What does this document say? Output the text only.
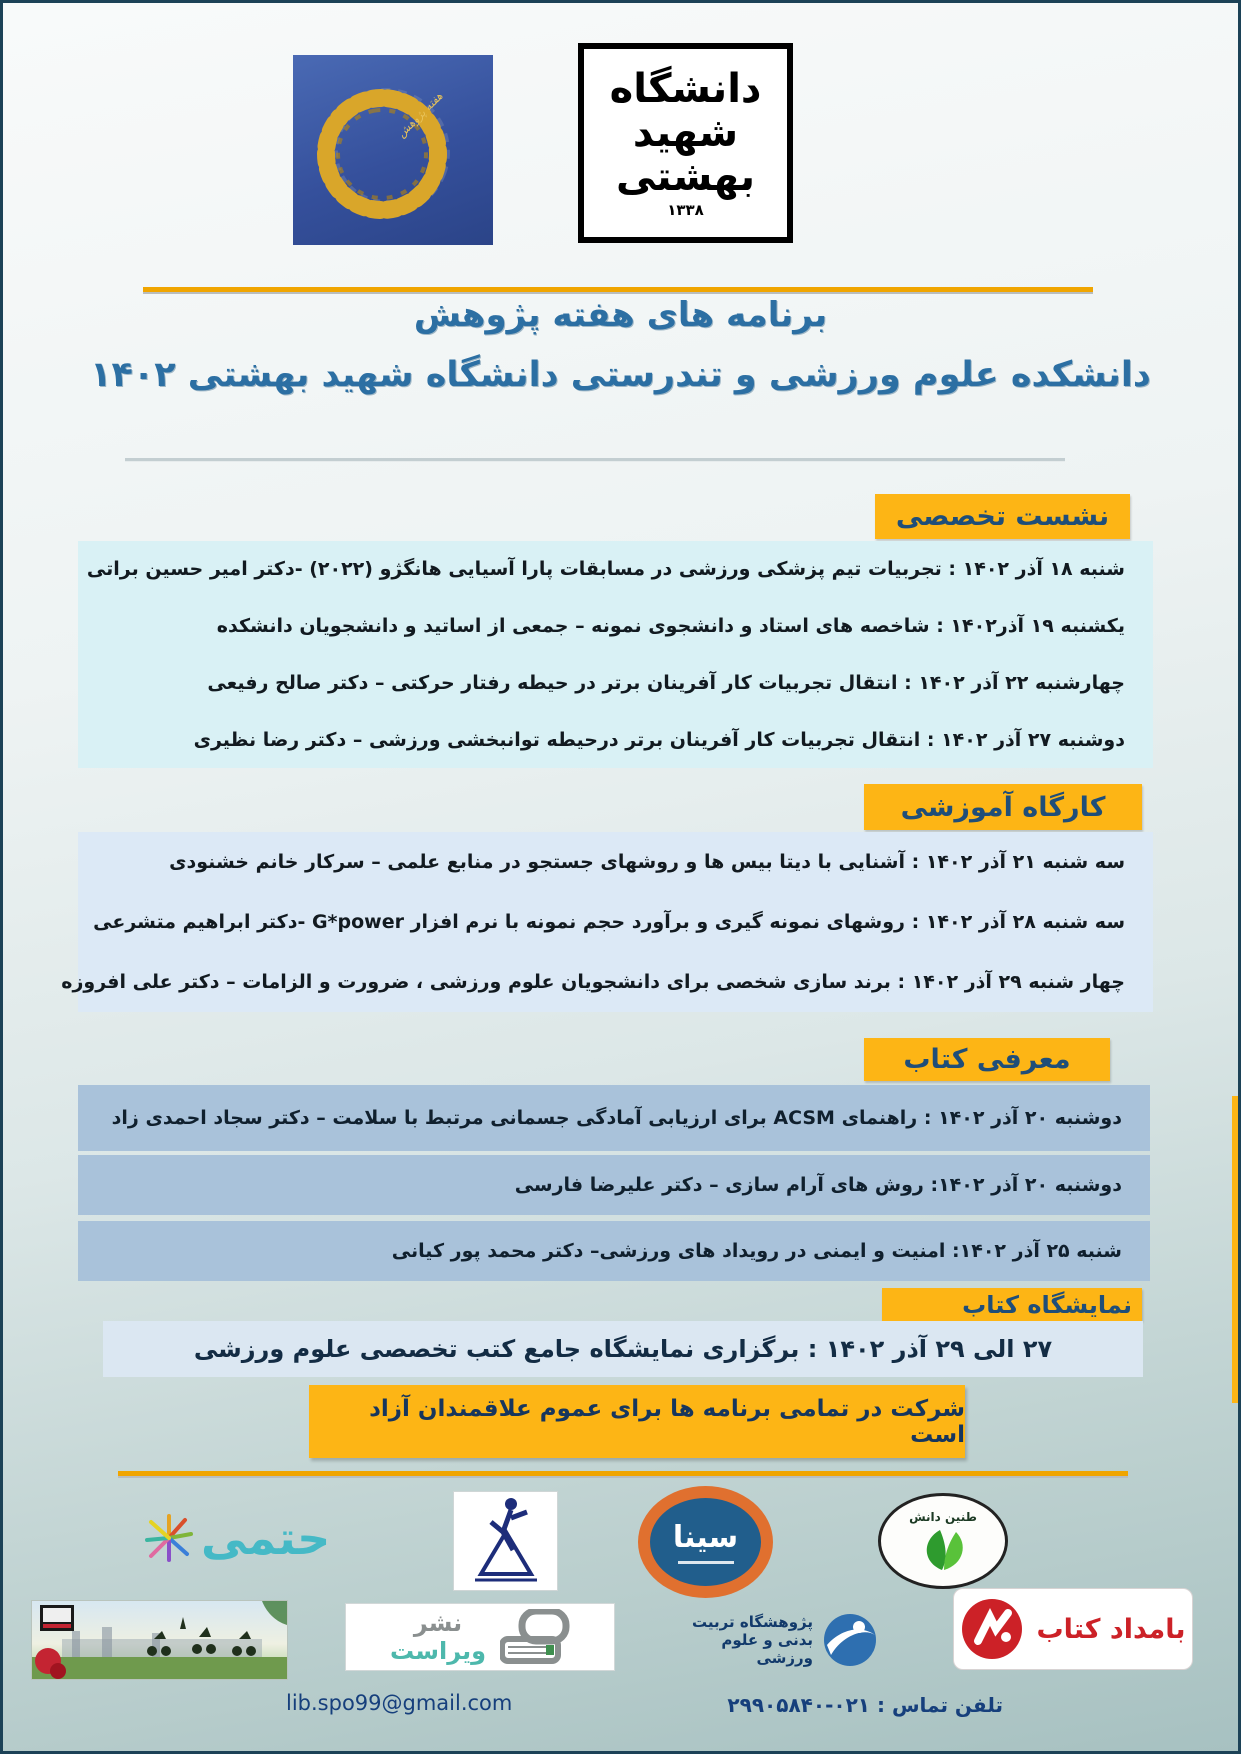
هفته پژوهش
دانشگاه
شهید
بهشتی
۱۳۳۸
برنامه های هفته پژوهش
دانشکده علوم ورزشی و تندرستی دانشگاه شهید بهشتی ۱۴۰۲
نشست تخصصی
شنبه ۱۸ آذر ۱۴۰۲ : تجربیات تیم پزشکی ورزشی در مسابقات پارا آسیایی هانگژو (۲۰۲۲) -دکتر امیر حسین براتی
یکشنبه ۱۹ آذر۱۴۰۲ : شاخصه های استاد و دانشجوی نمونه – جمعی از اساتید و دانشجویان دانشکده
چهارشنبه ۲۲ آذر ۱۴۰۲ : انتقال تجربیات کار آفرینان برتر در حیطه رفتار حرکتی – دکتر صالح رفیعی
دوشنبه ۲۷ آذر ۱۴۰۲ : انتقال تجربیات کار آفرینان برتر درحیطه توانبخشی ورزشی – دکتر رضا نظیری
کارگاه آموزشی
سه شنبه ۲۱ آذر ۱۴۰۲ : آشنایی با دیتا بیس ها و روشهای جستجو در منابع علمی – سرکار خانم خشنودی
سه شنبه ۲۸ آذر ۱۴۰۲ : روشهای نمونه گیری و برآورد حجم نمونه با نرم افزار G*power -دکتر ابراهیم متشرعی
چهار شنبه ۲۹ آذر ۱۴۰۲ : برند سازی شخصی برای دانشجویان علوم ورزشی ، ضرورت و الزامات – دکتر علی افروزه
معرفی کتاب
دوشنبه ۲۰ آذر ۱۴۰۲ : راهنمای ACSM برای ارزیابی آمادگی جسمانی مرتبط با سلامت – دکتر سجاد احمدی زاد
دوشنبه ۲۰ آذر ۱۴۰۲: روش های آرام سازی – دکتر علیرضا فارسی
شنبه ۲۵ آذر ۱۴۰۲: امنیت و ایمنی در رویداد های ورزشی– دکتر محمد پور کیانی
نمایشگاه کتاب
۲۷ الی ۲۹ آذر ۱۴۰۲ : برگزاری نمایشگاه جامع کتب تخصصی علوم ورزشی
شرکت در تمامی برنامه ها برای عموم علاقمندان آزاد است
حتمی	سینا
طنین دانش
نشر
ویراست
پژوهشگاه تربیت بدنی و علوم ورزشی
بامداد کتاب
lib.spo99@gmail.com	تلفن تماس : ۰۲۱-۲۹۹۰۵۸۴۰
